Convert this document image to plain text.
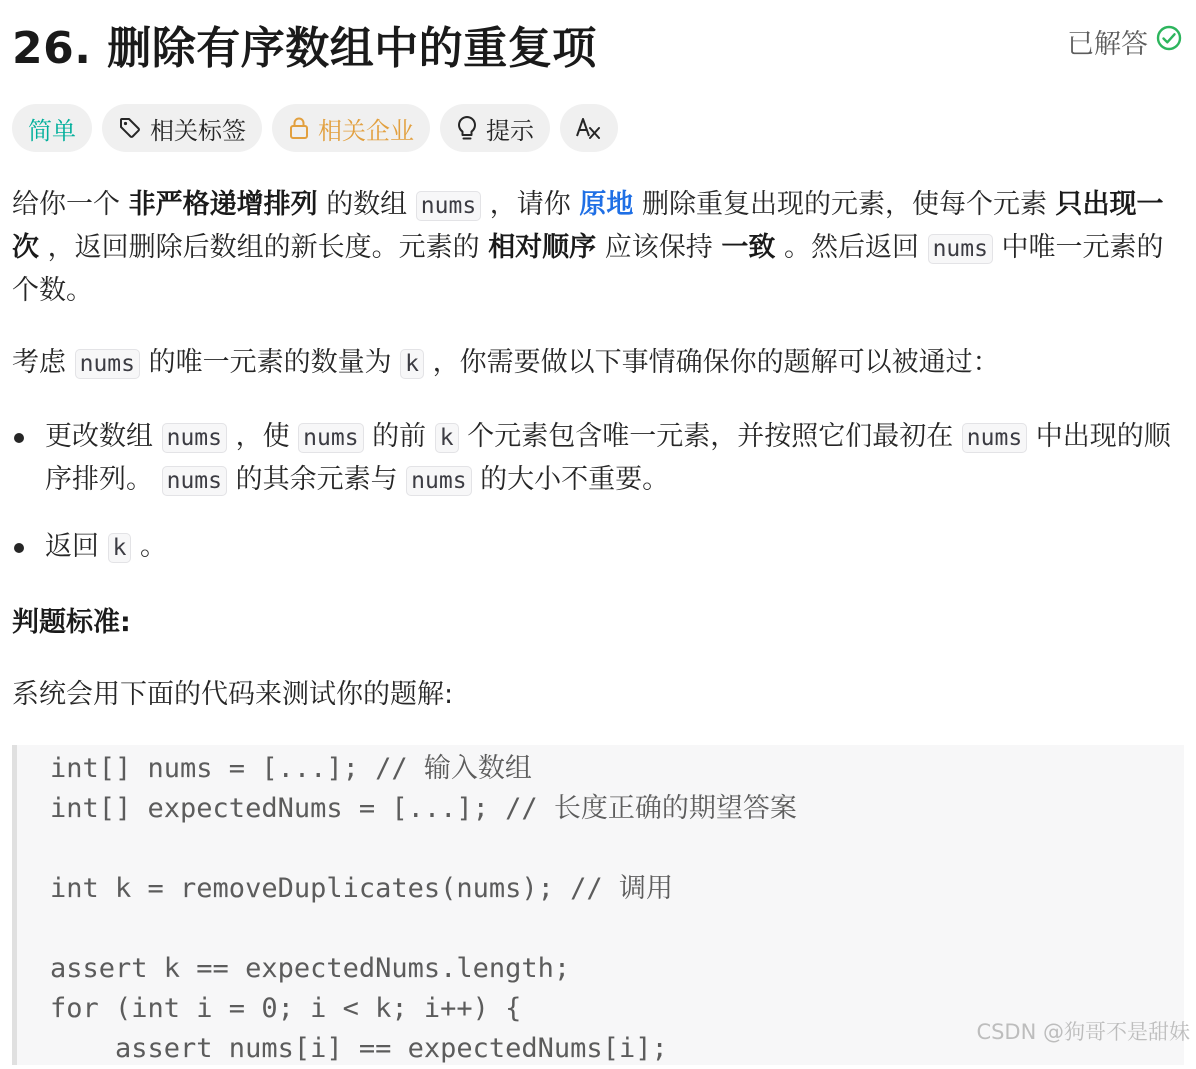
26. 删除有序数组中的重复项	已解答
简单	相关标签	相关企业	提示

给你一个 非严格递增排列 的数组 nums ，请你 原地 删除重复出现的元素，使每个元素 只出现一次 ，返回删除后数组的新长度。元素的 相对顺序 应该保持 一致 。然后返回 nums 中唯一元素的个数。

考虑 nums 的唯一元素的数量为 k ，你需要做以下事情确保你的题解可以被通过：
更改数组 nums ，使 nums 的前 k 个元素包含唯一元素，并按照它们最初在 nums 中出现的顺序排列。 nums 的其余元素与 nums 的大小不重要。
返回 k 。
判题标准:
系统会用下面的代码来测试你的题解:
int[] nums = [...]; // 输入数组
int[] expectedNums = [...]; // 长度正确的期望答案
int k = removeDuplicates(nums); // 调用
assert k == expectedNums.length;
for (int i = 0; i < k; i++) {
assert nums[i] == expectedNums[i];
CSDN @狗哥不是甜妹
